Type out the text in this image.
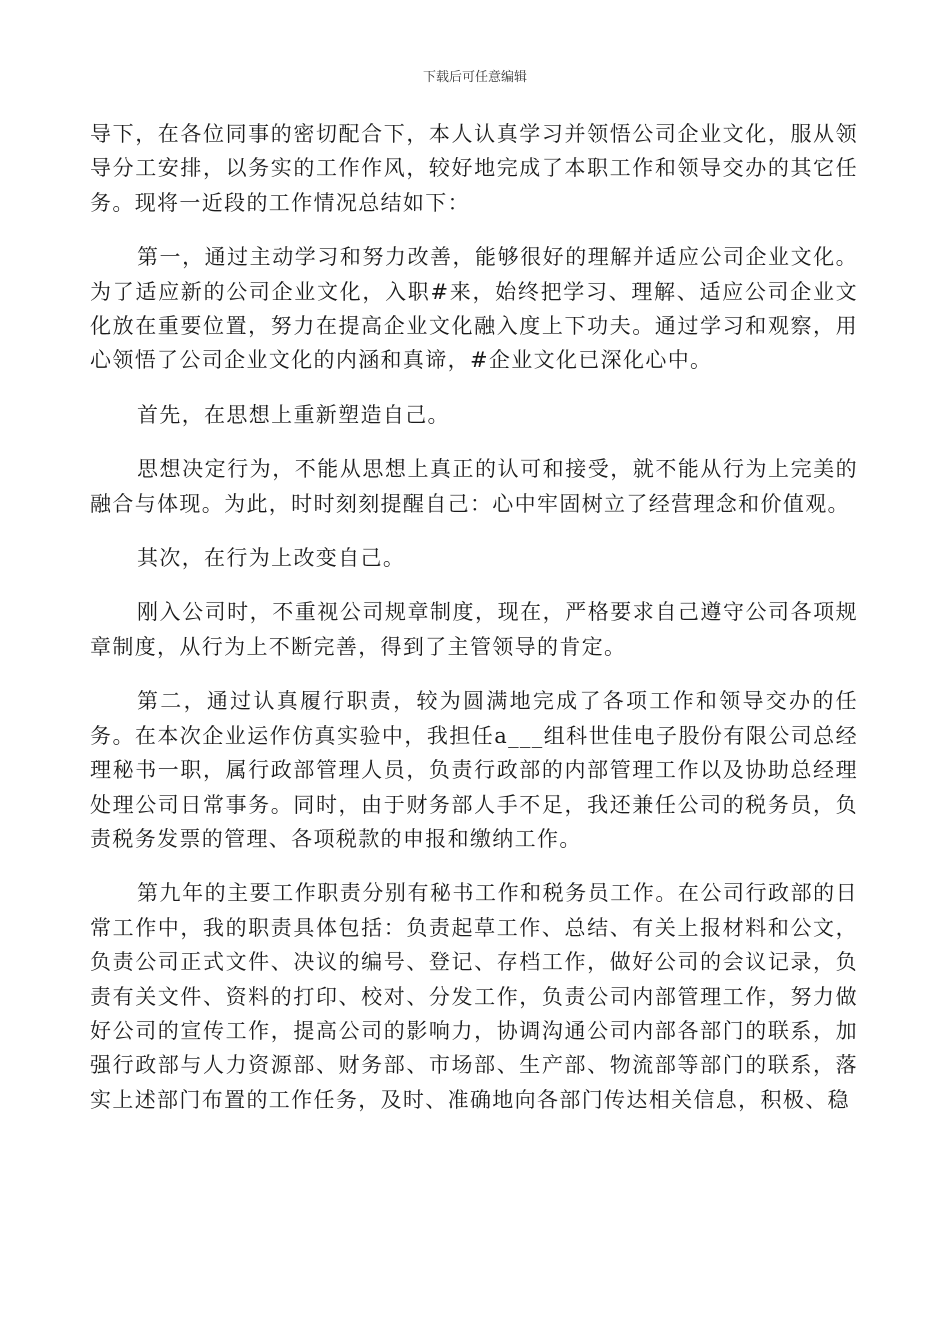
下载后可任意编辑

导下，在各位同事的密切配合下，本人认真学习并领悟公司企业文化，服从领导分工安排，以务实的工作作风，较好地完成了本职工作和领导交办的其它任务。现将一近段的工作情况总结如下：

第一，通过主动学习和努力改善，能够很好的理解并适应公司企业文化。为了适应新的公司企业文化，入职#来，始终把学习、理解、适应公司企业文化放在重要位置，努力在提高企业文化融入度上下功夫。通过学习和观察，用心领悟了公司企业文化的内涵和真谛，#企业文化已深化心中。

首先，在思想上重新塑造自己。

思想决定行为，不能从思想上真正的认可和接受，就不能从行为上完美的融合与体现。为此，时时刻刻提醒自己：心中牢固树立了经营理念和价值观。

其次，在行为上改变自己。

刚入公司时，不重视公司规章制度，现在，严格要求自己遵守公司各项规章制度，从行为上不断完善，得到了主管领导的肯定。

第二，通过认真履行职责，较为圆满地完成了各项工作和领导交办的任务。在本次企业运作仿真实验中，我担任a___组科世佳电子股份有限公司总经理秘书一职，属行政部管理人员，负责行政部的内部管理工作以及协助总经理处理公司日常事务。同时，由于财务部人手不足，我还兼任公司的税务员，负责税务发票的管理、各项税款的申报和缴纳工作。

第九年的主要工作职责分别有秘书工作和税务员工作。在公司行政部的日常工作中，我的职责具体包括：负责起草工作、总结、有关上报材料和公文，负责公司正式文件、决议的编号、登记、存档工作，做好公司的会议记录，负责有关文件、资料的打印、校对、分发工作，负责公司内部管理工作，努力做好公司的宣传工作，提高公司的影响力，协调沟通公司内部各部门的联系，加强行政部与人力资源部、财务部、市场部、生产部、物流部等部门的联系，落实上述部门布置的工作任务，及时、准确地向各部门传达相关信息，积极、稳
